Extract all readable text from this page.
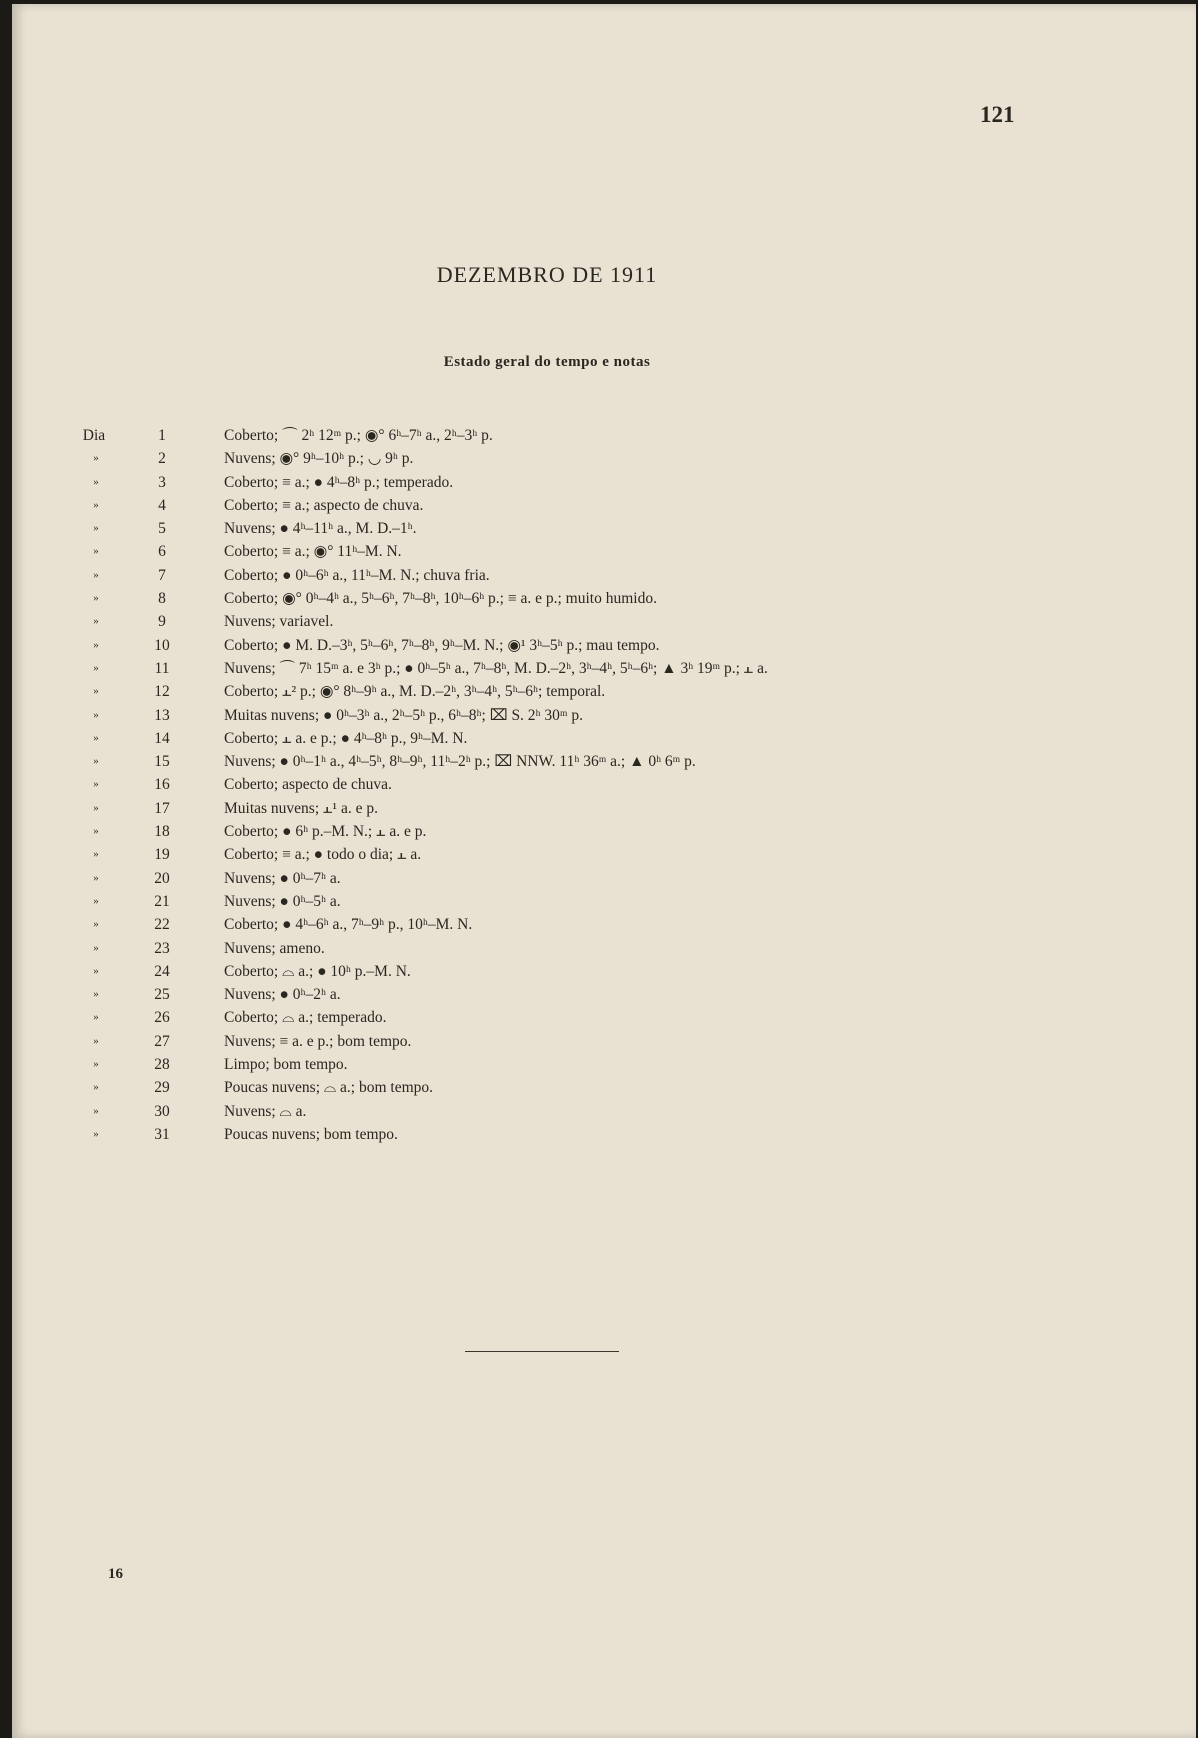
121
DEZEMBRO DE 1911
Estado geral do tempo e notas
Dia	1	Coberto; ⌒ 2ʰ 12ᵐ p.; ◉° 6ʰ–7ʰ a., 2ʰ–3ʰ p.
»	2	Nuvens; ◉° 9ʰ–10ʰ p.; ◡ 9ʰ p.
»	3	Coberto; ≡ a.; ● 4ʰ–8ʰ p.; temperado.
»	4	Coberto; ≡ a.; aspecto de chuva.
»	5	Nuvens; ● 4ʰ–11ʰ a., M. D.–1ʰ.
»	6	Coberto; ≡ a.; ◉° 11ʰ–M. N.
»	7	Coberto; ● 0ʰ–6ʰ a., 11ʰ–M. N.; chuva fria.
»	8	Coberto; ◉° 0ʰ–4ʰ a., 5ʰ–6ʰ, 7ʰ–8ʰ, 10ʰ–6ʰ p.; ≡ a. e p.; muito humido.
»	9	Nuvens; variavel.
»	10	Coberto; ● M. D.–3ʰ, 5ʰ–6ʰ, 7ʰ–8ʰ, 9ʰ–M. N.; ◉¹ 3ʰ–5ʰ p.; mau tempo.
»	11	Nuvens; ⌒ 7ʰ 15ᵐ a. e 3ʰ p.; ● 0ʰ–5ʰ a., 7ʰ–8ʰ, M. D.–2ʰ, 3ʰ–4ʰ, 5ʰ–6ʰ; ▲ 3ʰ 19ᵐ p.; ⫠ a.
»	12	Coberto; ⫠² p.; ◉° 8ʰ–9ʰ a., M. D.–2ʰ, 3ʰ–4ʰ, 5ʰ–6ʰ; temporal.
»	13	Muitas nuvens; ● 0ʰ–3ʰ a., 2ʰ–5ʰ p., 6ʰ–8ʰ; ⌧ S. 2ʰ 30ᵐ p.
»	14	Coberto; ⫠ a. e p.; ● 4ʰ–8ʰ p., 9ʰ–M. N.
»	15	Nuvens; ● 0ʰ–1ʰ a., 4ʰ–5ʰ, 8ʰ–9ʰ, 11ʰ–2ʰ p.; ⌧ NNW. 11ʰ 36ᵐ a.; ▲ 0ʰ 6ᵐ p.
»	16	Coberto; aspecto de chuva.
»	17	Muitas nuvens; ⫠¹ a. e p.
»	18	Coberto; ● 6ʰ p.–M. N.; ⫠ a. e p.
»	19	Coberto; ≡ a.; ● todo o dia; ⫠ a.
»	20	Nuvens; ● 0ʰ–7ʰ a.
»	21	Nuvens; ● 0ʰ–5ʰ a.
»	22	Coberto; ● 4ʰ–6ʰ a., 7ʰ–9ʰ p., 10ʰ–M. N.
»	23	Nuvens; ameno.
»	24	Coberto; ⌓ a.; ● 10ʰ p.–M. N.
»	25	Nuvens; ● 0ʰ–2ʰ a.
»	26	Coberto; ⌓ a.; temperado.
»	27	Nuvens; ≡ a. e p.; bom tempo.
»	28	Limpo; bom tempo.
»	29	Poucas nuvens; ⌓ a.; bom tempo.
»	30	Nuvens; ⌓ a.
»	31	Poucas nuvens; bom tempo.
16
